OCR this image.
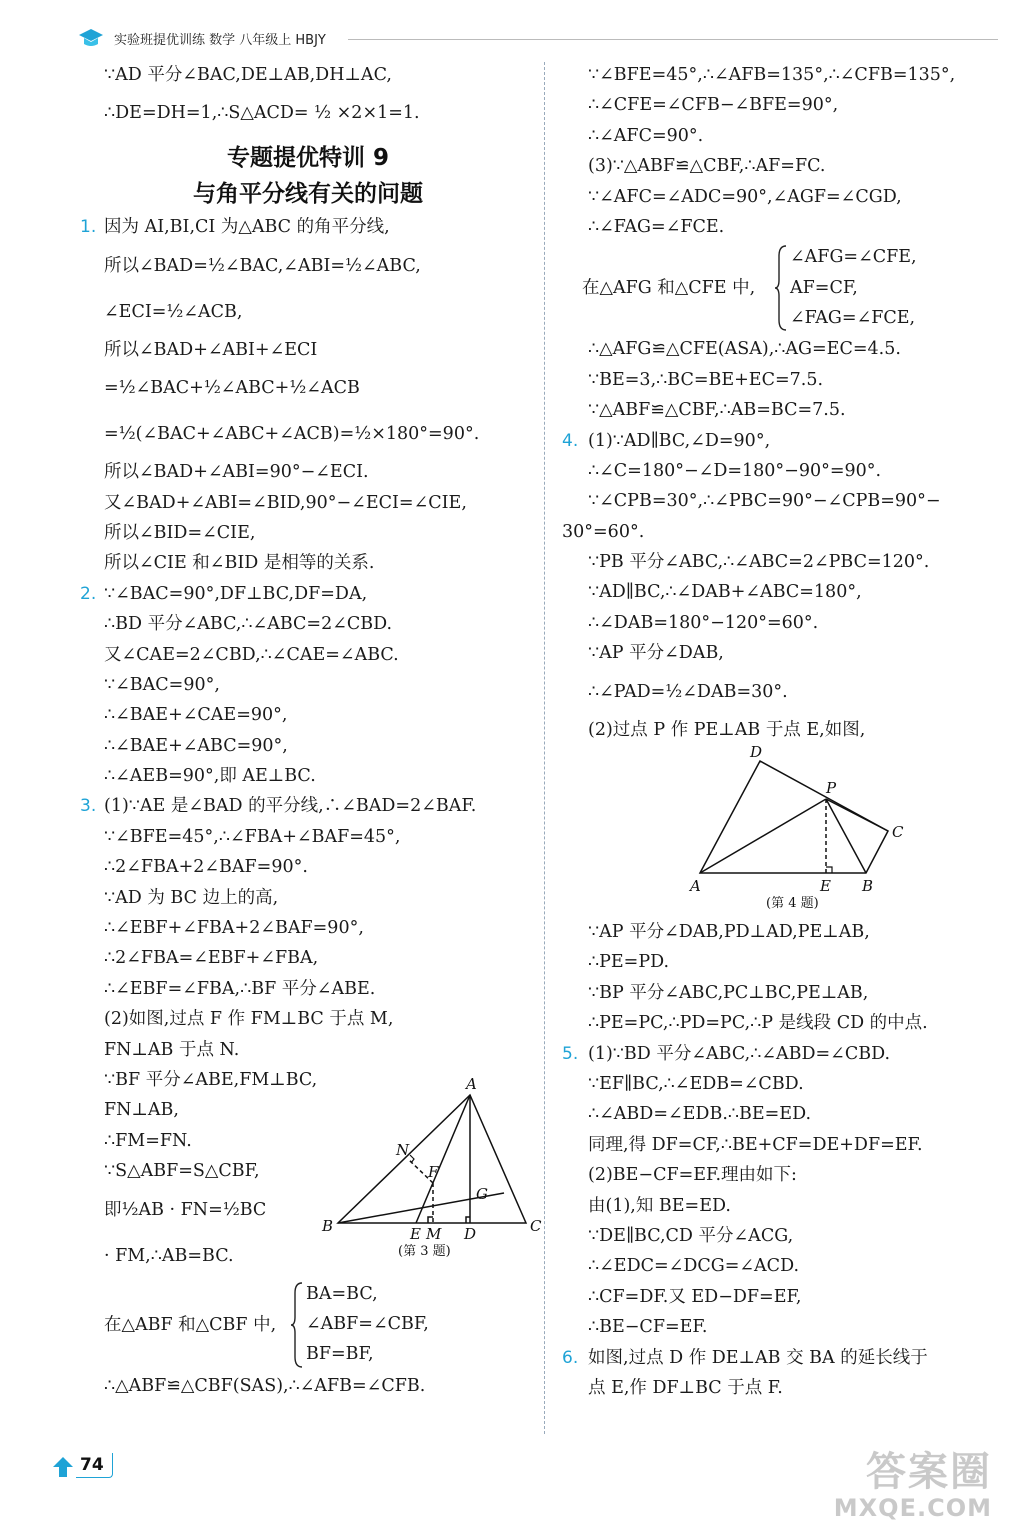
实验班提优训练 数学 八年级上 HBJY
∵AD 平分∠BAC,DE⊥AB,DH⊥AC,
∴DE=DH=1,∴S△ACD= ½ ×2×1=1.
专题提优特训 9
与角平分线有关的问题
1. 因为 AI,BI,CI 为△ABC 的角平分线,
所以∠BAD=½∠BAC,∠ABI=½∠ABC,
∠ECI=½∠ACB,
所以∠BAD+∠ABI+∠ECI
=½∠BAC+½∠ABC+½∠ACB
=½(∠BAC+∠ABC+∠ACB)=½×180°=90°.
所以∠BAD+∠ABI=90°−∠ECI.
又∠BAD+∠ABI=∠BID,90°−∠ECI=∠CIE,
所以∠BID=∠CIE,
所以∠CIE 和∠BID 是相等的关系.
2. ∵∠BAC=90°,DF⊥BC,DF=DA,
∴BD 平分∠ABC,∴∠ABC=2∠CBD.
又∠CAE=2∠CBD,∴∠CAE=∠ABC.
∵∠BAC=90°,
∴∠BAE+∠CAE=90°,
∴∠BAE+∠ABC=90°,
∴∠AEB=90°,即 AE⊥BC.
3. (1)∵AE 是∠BAD 的平分线,∴∠BAD=2∠BAF.
∵∠BFE=45°,∴∠FBA+∠BAF=45°,
∴2∠FBA+2∠BAF=90°.
∵AD 为 BC 边上的高,
∴∠EBF+∠FBA+2∠BAF=90°,
∴2∠FBA=∠EBF+∠FBA,
∴∠EBF=∠FBA,∴BF 平分∠ABE.
(2)如图,过点 F 作 FM⊥BC 于点 M,
FN⊥AB 于点 N.
∵BF 平分∠ABE,FM⊥BC,
FN⊥AB,
∴FM=FN.
∵S△ABF=S△CBF,
即½AB · FN=½BC
· FM,∴AB=BC.
在△ABF 和△CBF 中,
BA=BC,
∠ABF=∠CBF,
BF=BF,
∴△ABF≌△CBF(SAS),∴∠AFB=∠CFB.
A
N
F
G
B	E M D	C
(第 3 题)
∵∠BFE=45°,∴∠AFB=135°,∴∠CFB=135°,
∴∠CFE=∠CFB−∠BFE=90°,
∴∠AFC=90°.
(3)∵△ABF≌△CBF,∴AF=FC.
∵∠AFC=∠ADC=90°,∠AGF=∠CGD,
∴∠FAG=∠FCE.
在△AFG 和△CFE 中,
∠AFG=∠CFE,
AF=CF,
∠FAG=∠FCE,
∴△AFG≌△CFE(ASA),∴AG=EC=4.5.
∵BE=3,∴BC=BE+EC=7.5.
∵△ABF≌△CBF,∴AB=BC=7.5.
4. (1)∵AD∥BC,∠D=90°,
∴∠C=180°−∠D=180°−90°=90°.
∵∠CPB=30°,∴∠PBC=90°−∠CPB=90°−
30°=60°.
∵PB 平分∠ABC,∴∠ABC=2∠PBC=120°.
∵AD∥BC,∴∠DAB+∠ABC=180°,
∴∠DAB=180°−120°=60°.
∵AP 平分∠DAB,
∴∠PAD=½∠DAB=30°.
(2)过点 P 作 PE⊥AB 于点 E,如图,
D
P
C
A	E B
(第 4 题)
∵AP 平分∠DAB,PD⊥AD,PE⊥AB,
∴PE=PD.
∵BP 平分∠ABC,PC⊥BC,PE⊥AB,
∴PE=PC,∴PD=PC,∴P 是线段 CD 的中点.
5. (1)∵BD 平分∠ABC,∴∠ABD=∠CBD.
∵EF∥BC,∴∠EDB=∠CBD.
∴∠ABD=∠EDB.∴BE=ED.
同理,得 DF=CF,∴BE+CF=DE+DF=EF.
(2)BE−CF=EF.理由如下:
由(1),知 BE=ED.
∵DE∥BC,CD 平分∠ACG,
∴∠EDC=∠DCG=∠ACD.
∴CF=DF.又 ED−DF=EF,
∴BE−CF=EF.
6. 如图,过点 D 作 DE⊥AB 交 BA 的延长线于
点 E,作 DF⊥BC 于点 F.
74	答案圈
MXQE.COM
